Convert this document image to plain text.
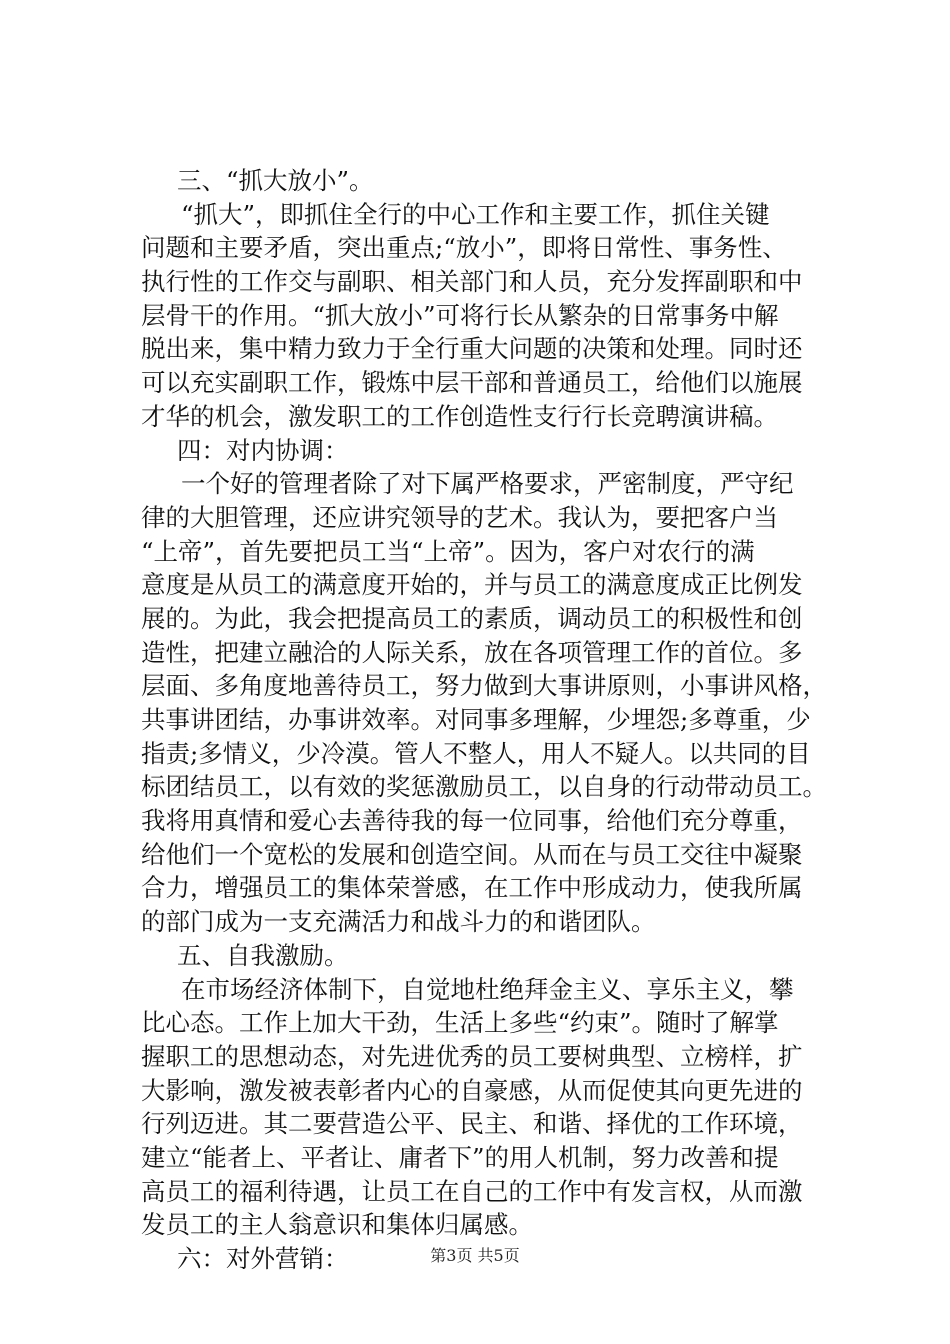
三、“抓大放小”。
“抓大”，即抓住全行的中心工作和主要工作，抓住关键
问题和主要矛盾，突出重点;“放小”，即将日常性、事务性、
执行性的工作交与副职、相关部门和人员，充分发挥副职和中
层骨干的作用。“抓大放小”可将行长从繁杂的日常事务中解
脱出来，集中精力致力于全行重大问题的决策和处理。同时还
可以充实副职工作，锻炼中层干部和普通员工，给他们以施展
才华的机会，激发职工的工作创造性支行行长竞聘演讲稿。
四：对内协调：
一个好的管理者除了对下属严格要求，严密制度，严守纪
律的大胆管理，还应讲究领导的艺术。我认为，要把客户当
“上帝”，首先要把员工当“上帝”。因为，客户对农行的满
意度是从员工的满意度开始的，并与员工的满意度成正比例发
展的。为此，我会把提高员工的素质，调动员工的积极性和创
造性，把建立融洽的人际关系，放在各项管理工作的首位。多
层面、多角度地善待员工，努力做到大事讲原则，小事讲风格，
共事讲团结，办事讲效率。对同事多理解，少埋怨;多尊重，少
指责;多情义，少冷漠。管人不整人，用人不疑人。以共同的目
标团结员工，以有效的奖惩激励员工，以自身的行动带动员工。
我将用真情和爱心去善待我的每一位同事，给他们充分尊重，
给他们一个宽松的发展和创造空间。从而在与员工交往中凝聚
合力，增强员工的集体荣誉感，在工作中形成动力，使我所属
的部门成为一支充满活力和战斗力的和谐团队。
五、自我激励。
在市场经济体制下，自觉地杜绝拜金主义、享乐主义，攀
比心态。工作上加大干劲，生活上多些“约束”。随时了解掌
握职工的思想动态，对先进优秀的员工要树典型、立榜样，扩
大影响，激发被表彰者内心的自豪感，从而促使其向更先进的
行列迈进。其二要营造公平、民主、和谐、择优的工作环境，
建立“能者上、平者让、庸者下”的用人机制，努力改善和提
高员工的福利待遇，让员工在自己的工作中有发言权，从而激
发员工的主人翁意识和集体归属感。
六：对外营销：	第3页 共5页
